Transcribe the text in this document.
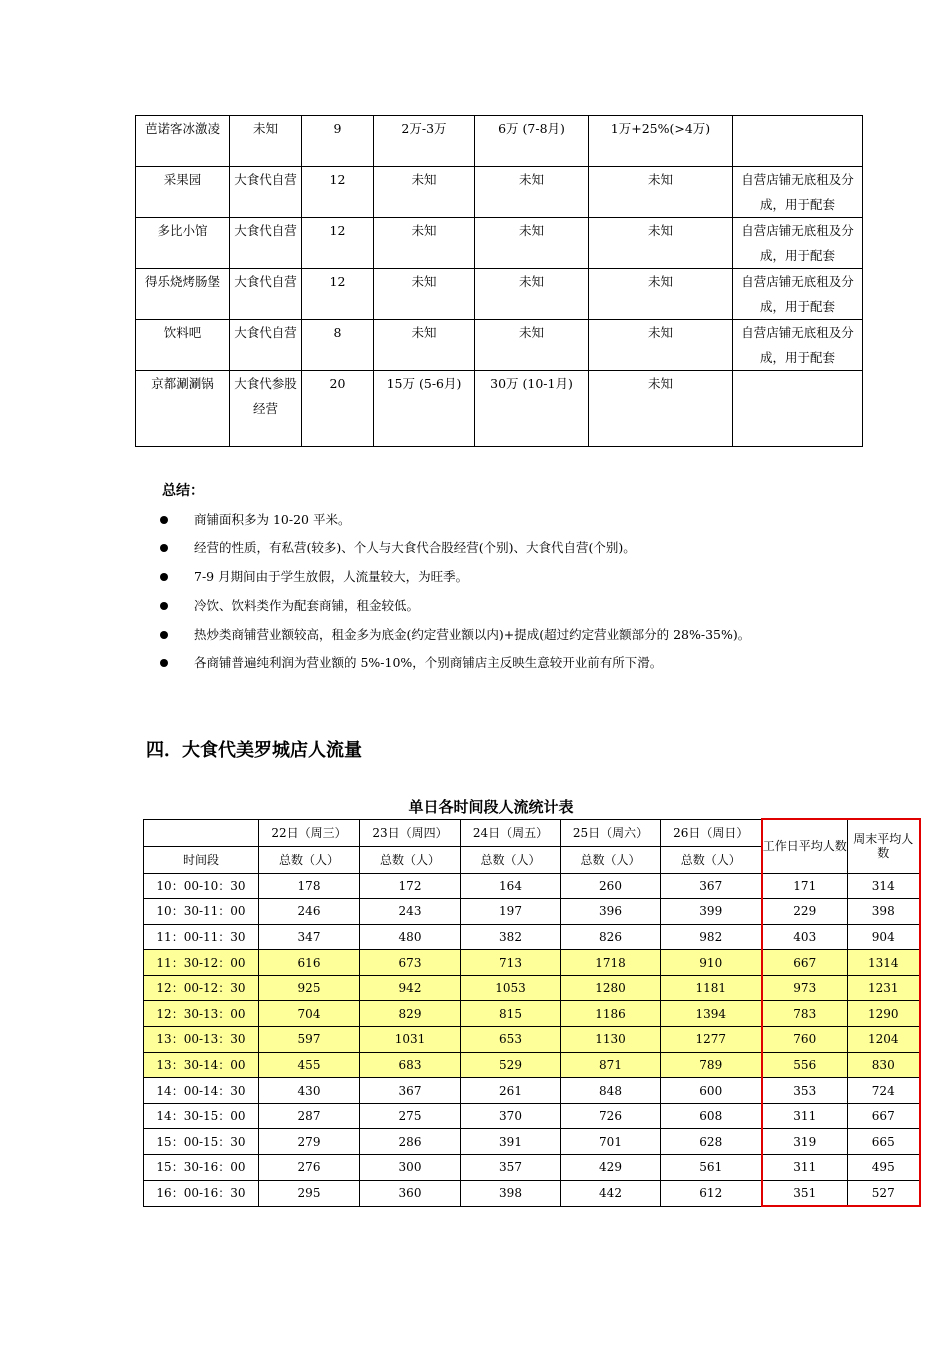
芭诺客冰激凌	未知	9	2万-3万	6万 (7-8月)	1万+25%(>4万)	
采果园	大食代自营	12	未知	未知	未知	自营店铺无底租及分成，用于配套
多比小馆	大食代自营	12	未知	未知	未知	自营店铺无底租及分成，用于配套
得乐烧烤肠堡	大食代自营	12	未知	未知	未知	自营店铺无底租及分成，用于配套
饮料吧	大食代自营	8	未知	未知	未知	自营店铺无底租及分成，用于配套
京都涮涮锅	大食代参股经营	20	15万 (5-6月)	30万 (10-1月)	未知	
总结：
商铺面积多为 10-20 平米。
经营的性质，有私营(较多)、个人与大食代合股经营(个别)、大食代自营(个别)。
7-9 月期间由于学生放假，人流量较大，为旺季。
冷饮、饮料类作为配套商铺，租金较低。
热炒类商铺营业额较高，租金多为底金(约定营业额以内)+提成(超过约定营业额部分的 28%-35%)。
各商铺普遍纯利润为营业额的 5%-10%，个别商铺店主反映生意较开业前有所下滑。
四．大食代美罗城店人流量
单日各时间段人流统计表
	22日（周三）	23日（周四）	24日（周五）	25日（周六）	26日（周日）	工作日平均人数	周末平均人数
时间段	总数（人）	总数（人）	总数（人）	总数（人）	总数（人）		
10：00-10：30	178	172	164	260	367	171	314
10：30-11：00	246	243	197	396	399	229	398
11：00-11：30	347	480	382	826	982	403	904
11：30-12：00	616	673	713	1718	910	667	1314
12：00-12：30	925	942	1053	1280	1181	973	1231
12：30-13：00	704	829	815	1186	1394	783	1290
13：00-13：30	597	1031	653	1130	1277	760	1204
13：30-14：00	455	683	529	871	789	556	830
14：00-14：30	430	367	261	848	600	353	724
14：30-15：00	287	275	370	726	608	311	667
15：00-15：30	279	286	391	701	628	319	665
15：30-16：00	276	300	357	429	561	311	495
16：00-16：30	295	360	398	442	612	351	527
